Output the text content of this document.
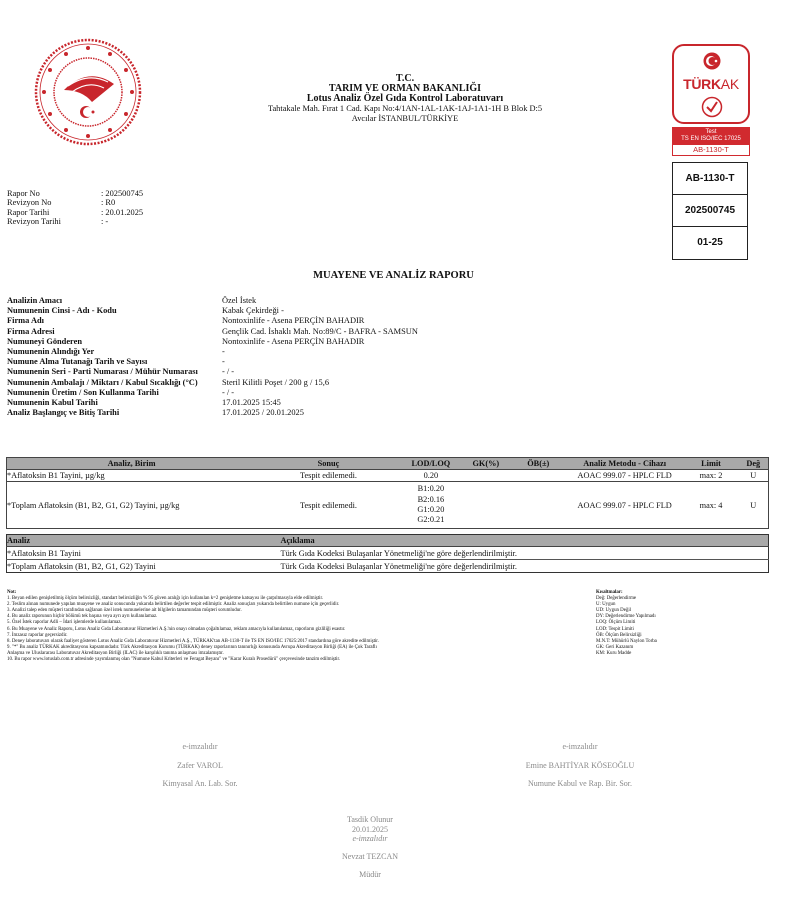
T.C.
TARIM VE ORMAN BAKANLIĞI
Lotus Analiz Özel Gıda Kontrol Laboratuvarı
Tahtakale Mah. Fırat 1 Cad. Kapı No:4/1AN-1AL-1AK-1AJ-1A1-1H B Blok D:5
Avcılar İSTANBUL/TÜRKİYE
TÜRKAK
Test
TS EN ISO/IEC 17025
AB-1130-T
AB-1130-T
202500745
01-25
Rapor No	: 202500745
Revizyon No	: R0
Rapor Tarihi	: 20.01.2025
Revizyon Tarihi	: -
MUAYENE VE ANALİZ RAPORU
Analizin Amacı	Özel İstek
Numunenin Cinsi - Adı - Kodu	Kabak Çekirdeği -
Firma Adı	Nontoxinlife - Asena PERÇİN BAHADIR
Firma Adresi	Gençlik Cad. İshaklı Mah. No:89/C - BAFRA - SAMSUN
Numuneyi Gönderen	Nontoxinlife - Asena PERÇİN BAHADIR
Numunenin Alındığı Yer	-
Numune Alma Tutanağı Tarih ve Sayısı	-
Numunenin Seri - Parti Numarası / Mühür Numarası	- / -
Numunenin Ambalajı / Miktarı / Kabul Sıcaklığı (°C)	Steril Kilitli Poşet / 200 g / 15,6
Numunenin Üretim / Son Kullanma Tarihi	- / -
Numunenin Kabul Tarihi	17.01.2025 15:45
Analiz Başlangıç ve Bitiş Tarihi	17.01.2025 / 20.01.2025
Analiz, Birim	Sonuç	LOD/LOQ	GK(%)	ÖB(±)	Analiz Metodu - Cihazı	Limit	Değ
*Aflatoksin B1 Tayini, µg/kg	Tespit edilemedi.	0.20			AOAC 999.07 - HPLC FLD	max: 2	U
*Toplam Aflatoksin (B1, B2, G1, G2) Tayini, µg/kg	Tespit edilemedi.	B1:0.20
B2:0.16
G1:0.20
G2:0.21			AOAC 999.07 - HPLC FLD	max: 4	U
Analiz	Açıklama
*Aflatoksin B1 Tayini	Türk Gıda Kodeksi Bulaşanlar Yönetmeliği'ne göre değerlendirilmiştir.
*Toplam Aflatoksin (B1, B2, G1, G2) Tayini	Türk Gıda Kodeksi Bulaşanlar Yönetmeliği'ne göre değerlendirilmiştir.
Not:
1. Beyan edilen genişletilmiş ölçüm belirsizliği, standart belirsizliğin % 95 güven aralığı için kullanılan k=2 genişletme katsayısı ile çarpılmasıyla elde edilmiştir.
2. Teslim alınan numunede yapılan muayene ve analiz sonucunda yukarıda belirtilen değerler tespit edilmiştir. Analiz sonuçları yukarıda belirtilen numune için geçerlidir.
3. Analizi talep eden müşteri tarafından sağlanan özel istek numunelerine ait bilgilerin tamamından müşteri sorumludur.
4. Bu analiz raporunun hiçbir bölümü tek başına veya ayrı ayrı kullanılamaz.
5. Özel İstek raporlar Adli – İdari işlemlerde kullanılamaz.
6. Bu Muayene ve Analiz Raporu, Lotus Analiz Gıda Laboratuvar Hizmetleri A.Ş.'nin onayı olmadan çoğaltılamaz, reklam amacıyla kullanılamaz, raporların gizliliği esastır.
7. İmzasız raporlar geçersizdir.
8. Deney laboratuvarı olarak faaliyet gösteren Lotus Analiz Gıda Laboratuvar Hizmetleri A.Ş., TÜRKAK'tan AB-1130-T ile TS EN ISO/IEC 17025:2017 standardına göre akredite edilmiştir.
9. "*" Bu analiz TÜRKAK akreditasyonu kapsamındadır. Türk Akreditasyon Kurumu (TÜRKAK) deney raporlarının tanınırlığı konusunda Avrupa Akreditasyon Birliği (EA) ile Çok Taraflı
Anlaşma ve Uluslararası Laboratuvar Akreditasyon Birliği (ILAC) ile karşılıklı tanıma anlaşması imzalamıştır.
10. Bu rapor www.lotuslab.com.tr adresinde yayımlanmış olan "Numune Kabul Kriterleri ve Feragat Beyanı" ve "Karar Kuralı Prosedürü" çerçevesinde tanzim edilmiştir.
Kısaltmalar:
Değ: Değerlendirme
U: Uygun
UD: Uygun Değil
DY: Değerlendirme Yapılmadı
LOQ: Ölçüm Limiti
LOD: Tespit Limiti
ÖB: Ölçüm Belirsizliği
M.N.T: Mühürlü Naylon Torba
GK: Geri Kazanım
KM: Kuru Madde
e-imzalıdır
Zafer VAROL
Kimyasal An. Lab. Sor.
e-imzalıdır
Emine BAHTİYAR KÖSEOĞLU
Numune Kabul ve Rap. Bir. Sor.
Tasdik Olunur
20.01.2025
e-imzalıdır
Nevzat TEZCAN
Müdür
